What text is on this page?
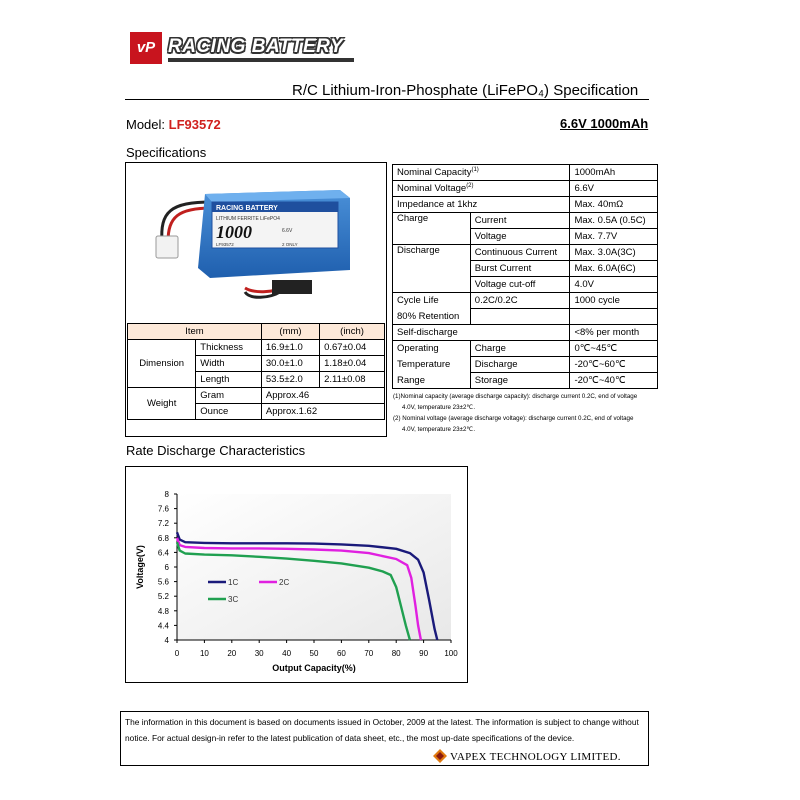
vP RACING BATTERY
R/C Lithium-Iron-Phosphate (LiFePO₄) Specification
Model: LF93572	6.6V 1000mAh
Specifications
RACING BATTERY
LITHIUM FERRITE LiFePO4
1000	6.6V
LF93572	2 ONLY
Item		(mm)	(inch)
Dimension	Thickness	16.9±1.0	0.67±0.04
	Width	30.0±1.0	1.18±0.04
	Length	53.5±2.0	2.11±0.08
Weight	Gram	Approx.46	
	Ounce	Approx.1.62	
Nominal Capacity$^{(1)}$		1000mAh
Nominal Voltage$^{(2)}$		6.6V
Impedance at 1khz		Max. 40mΩ
Charge	Current	Max. 0.5A (0.5C)
	Voltage	Max. 7.7V
Discharge	Continuous Current	Max. 3.0A(3C)
	Burst Current	Max. 6.0A(6C)
	Voltage cut-off	4.0V
Cycle Life	0.2C/0.2C	1000 cycle
80% Retention		
Self-discharge		<8% per month
Operating	Charge	0℃~45℃
Temperature	Discharge	-20℃~60℃
Range	Storage	-20℃~40℃
(1)Nominal capacity (average discharge capacity): discharge current 0.2C, end of voltage
4.0V, temperature 23±2℃.
(2) Nominal voltage (average discharge voltage): discharge current 0.2C, end of voltage
4.0V, temperature 23±2℃.
Rate Discharge Characteristics
4
4.4
4.8
5.2
5.6
6
6.4
6.8
7.2
7.6
8
0	10 20 30 40 50 60 70 80 90 100
Output Capacity(%)
Voltage(V)	1C	2C
3C
The information in this document is based on documents issued in October, 2009 at the latest. The information is subject to change without
notice. For actual design-in refer to the latest publication of data sheet, etc., the most up-date specifications of the device.
VAPEX TECHNOLOGY LIMITED.
